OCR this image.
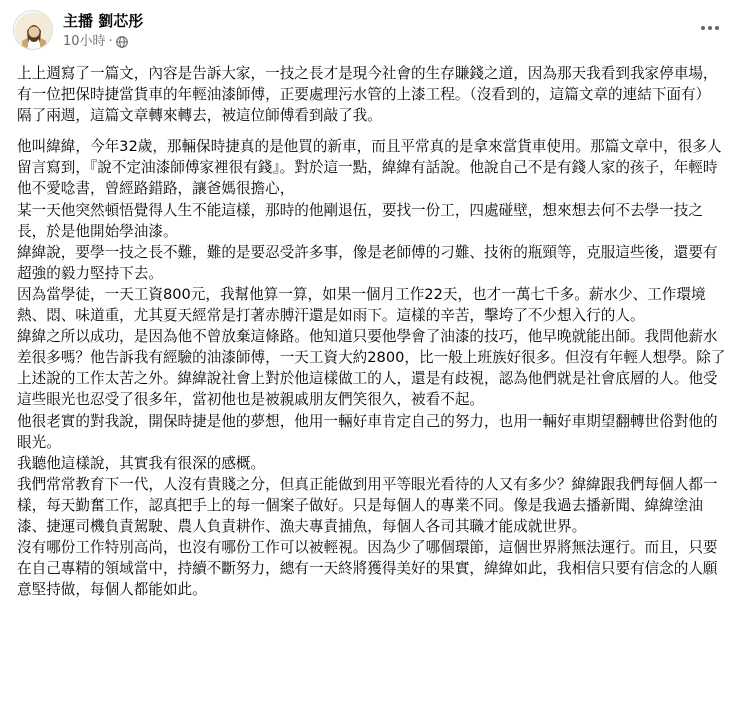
主播 劉芯彤
10小時 ·

上上週寫了一篇文，內容是告訴大家，一技之長才是現今社會的生存賺錢之道，因為那天我看到我家停車場，有一位把保時捷當貨車的年輕油漆師傅，正要處理污水管的上漆工程。（沒看到的，這篇文章的連結下面有）

隔了兩週，這篇文章轉來轉去，被這位師傅看到敲了我。

他叫緯緯，今年32歲，那輛保時捷真的是他買的新車，而且平常真的是拿來當貨車使用。那篇文章中，很多人留言寫到，『說不定油漆師傅家裡很有錢』。對於這一點，緯緯有話說。他說自己不是有錢人家的孩子，年輕時他不愛唸書，曾經路錯路，讓爸媽很擔心，

某一天他突然頓悟覺得人生不能這樣，那時的他剛退伍，要找一份工，四處碰壁，想來想去何不去學一技之長，於是他開始學油漆。

緯緯說，要學一技之長不難，難的是要忍受許多事，像是老師傅的刁難、技術的瓶頸等，克服這些後，還要有超強的毅力堅持下去。

因為當學徒，一天工資800元，我幫他算一算，如果一個月工作22天，也才一萬七千多。薪水少、工作環境熱、悶、味道重，尤其夏天經常是打著赤膊汗還是如雨下。這樣的辛苦，擊垮了不少想入行的人。

緯緯之所以成功，是因為他不曾放棄這條路。他知道只要他學會了油漆的技巧，他早晚就能出師。我問他薪水差很多嗎？他告訴我有經驗的油漆師傅，一天工資大約2800，比一般上班族好很多。但沒有年輕人想學。除了上述說的工作太苦之外。緯緯說社會上對於他這樣做工的人，還是有歧視，認為他們就是社會底層的人。他受這些眼光也忍受了很多年，當初他也是被親戚朋友們笑很久，被看不起。

他很老實的對我說，開保時捷是他的夢想，他用一輛好車肯定自己的努力，也用一輛好車期望翻轉世俗對他的眼光。

我聽他這樣說，其實我有很深的感概。

我們常常教育下一代，人沒有貴賤之分，但真正能做到用平等眼光看待的人又有多少？緯緯跟我們每個人都一樣，每天勤奮工作，認真把手上的每一個案子做好。只是每個人的專業不同。像是我過去播新聞、緯緯塗油漆、捷運司機負責駕駛、農人負責耕作、漁夫專責捕魚，每個人各司其職才能成就世界。

沒有哪份工作特別高尚，也沒有哪份工作可以被輕視。因為少了哪個環節，這個世界將無法運行。而且，只要在自己專精的領域當中，持續不斷努力，總有一天終將獲得美好的果實，緯緯如此，我相信只要有信念的人願意堅持做，每個人都能如此。
